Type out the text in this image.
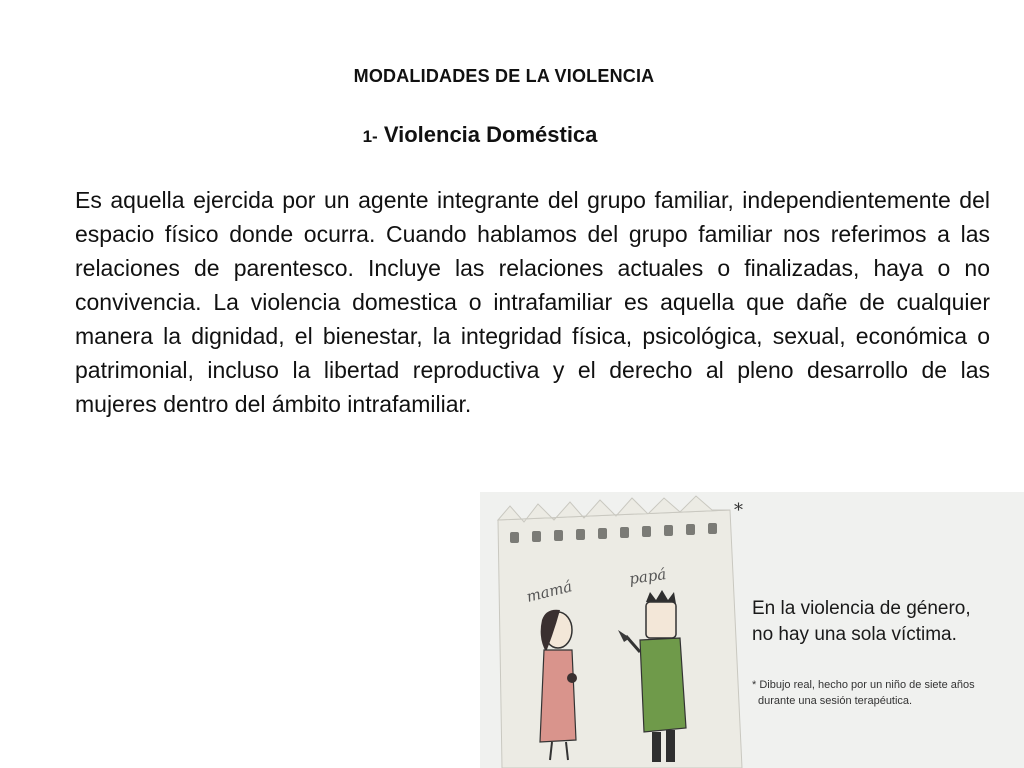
MODALIDADES DE LA VIOLENCIA
1- Violencia Doméstica
Es aquella ejercida por un agente integrante del grupo familiar, independientemente del espacio físico donde ocurra. Cuando hablamos del grupo familiar nos referimos a las relaciones de parentesco. Incluye las relaciones actuales o finalizadas, haya o no convivencia. La violencia domestica o intrafamiliar es aquella que dañe de cualquier manera la dignidad, el bienestar, la integridad física, psicológica, sexual, económica o patrimonial, incluso la libertad reproductiva y el derecho al pleno desarrollo de las mujeres dentro del ámbito intrafamiliar.
mamá
papá
*
En la violencia de género,
no hay una sola víctima.
* Dibujo real, hecho por un niño de siete años
durante una sesión terapéutica.
